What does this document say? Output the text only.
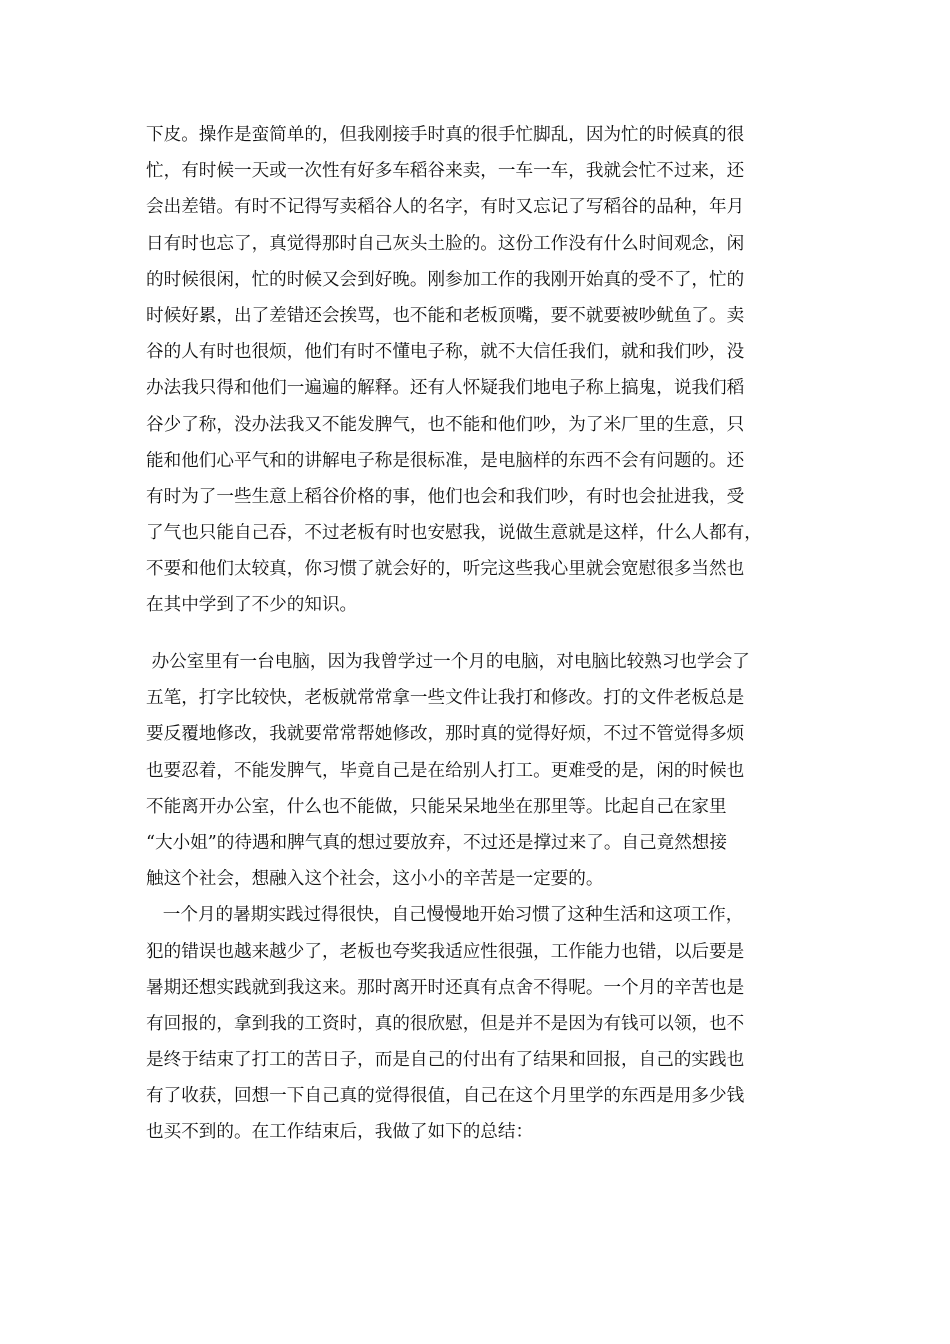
下皮。操作是蛮简单的，但我刚接手时真的很手忙脚乱，因为忙的时候真的很
忙，有时候一天或一次性有好多车稻谷来卖，一车一车，我就会忙不过来，还
会出差错。有时不记得写卖稻谷人的名字，有时又忘记了写稻谷的品种，年月
日有时也忘了，真觉得那时自己灰头土脸的。这份工作没有什么时间观念，闲
的时候很闲，忙的时候又会到好晚。刚参加工作的我刚开始真的受不了，忙的
时候好累，出了差错还会挨骂，也不能和老板顶嘴，要不就要被吵鱿鱼了。卖
谷的人有时也很烦，他们有时不懂电子称，就不大信任我们，就和我们吵，没
办法我只得和他们一遍遍的解释。还有人怀疑我们地电子称上搞鬼，说我们稻
谷少了称，没办法我又不能发脾气，也不能和他们吵，为了米厂里的生意，只
能和他们心平气和的讲解电子称是很标准，是电脑样的东西不会有问题的。还
有时为了一些生意上稻谷价格的事，他们也会和我们吵，有时也会扯进我，受
了气也只能自己吞，不过老板有时也安慰我，说做生意就是这样，什么人都有，
不要和他们太较真，你习惯了就会好的，听完这些我心里就会宽慰很多当然也
在其中学到了不少的知识。
办公室里有一台电脑，因为我曾学过一个月的电脑，对电脑比较熟习也学会了
五笔，打字比较快，老板就常常拿一些文件让我打和修改。打的文件老板总是
要反覆地修改，我就要常常帮她修改，那时真的觉得好烦，不过不管觉得多烦
也要忍着，不能发脾气，毕竟自己是在给别人打工。更难受的是，闲的时候也
不能离开办公室，什么也不能做，只能呆呆地坐在那里等。比起自己在家里
“大小姐”的待遇和脾气真的想过要放弃，不过还是撑过来了。自己竟然想接
触这个社会，想融入这个社会，这小小的辛苦是一定要的。
一个月的暑期实践过得很快，自己慢慢地开始习惯了这种生活和这项工作，
犯的错误也越来越少了，老板也夸奖我适应性很强，工作能力也错，以后要是
暑期还想实践就到我这来。那时离开时还真有点舍不得呢。一个月的辛苦也是
有回报的，拿到我的工资时，真的很欣慰，但是并不是因为有钱可以领，也不
是终于结束了打工的苦日子，而是自己的付出有了结果和回报，自己的实践也
有了收获，回想一下自己真的觉得很值，自己在这个月里学的东西是用多少钱
也买不到的。在工作结束后，我做了如下的总结：
